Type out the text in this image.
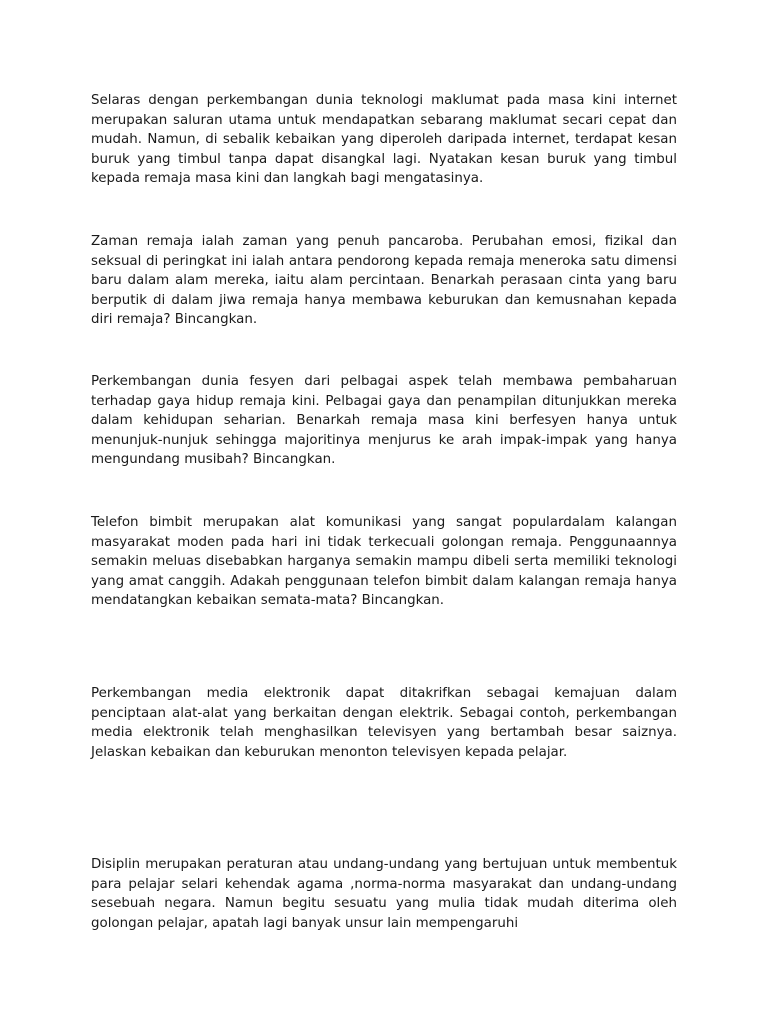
Selaras dengan perkembangan dunia teknologi maklumat pada masa kini internet merupakan saluran utama untuk mendapatkan sebarang maklumat secari cepat dan mudah. Namun, di sebalik kebaikan yang diperoleh daripada internet, terdapat kesan buruk yang timbul tanpa dapat disangkal lagi. Nyatakan kesan buruk yang timbul kepada remaja masa kini dan langkah bagi mengatasinya.

Zaman remaja ialah zaman yang penuh pancaroba. Perubahan emosi, fizikal dan seksual di peringkat ini ialah antara pendorong kepada remaja meneroka satu dimensi baru dalam alam mereka, iaitu alam percintaan. Benarkah perasaan cinta yang baru berputik di dalam jiwa remaja hanya membawa keburukan dan kemusnahan kepada diri remaja? Bincangkan.

Perkembangan dunia fesyen dari pelbagai aspek telah membawa pembaharuan terhadap gaya hidup remaja kini. Pelbagai gaya dan penampilan ditunjukkan mereka dalam kehidupan seharian. Benarkah remaja masa kini berfesyen hanya untuk menunjuk-nunjuk sehingga majoritinya menjurus ke arah impak-impak yang hanya mengundang musibah? Bincangkan.

Telefon bimbit merupakan alat komunikasi yang sangat populardalam kalangan masyarakat moden pada hari ini tidak terkecuali golongan remaja. Penggunaannya semakin meluas disebabkan harganya semakin mampu dibeli serta memiliki teknologi yang amat canggih. Adakah penggunaan telefon bimbit dalam kalangan remaja hanya mendatangkan kebaikan semata-mata? Bincangkan.

Perkembangan media elektronik dapat ditakrifkan sebagai kemajuan dalam penciptaan alat-alat yang berkaitan dengan elektrik. Sebagai contoh, perkembangan media elektronik telah menghasilkan televisyen yang bertambah besar saiznya. Jelaskan kebaikan dan keburukan menonton televisyen kepada pelajar.

Disiplin merupakan peraturan atau undang-undang yang bertujuan untuk membentuk para pelajar selari kehendak agama ,norma-norma masyarakat dan undang-undang sesebuah negara. Namun begitu sesuatu yang mulia tidak mudah diterima oleh golongan pelajar, apatah lagi banyak unsur lain mempengaruhi
